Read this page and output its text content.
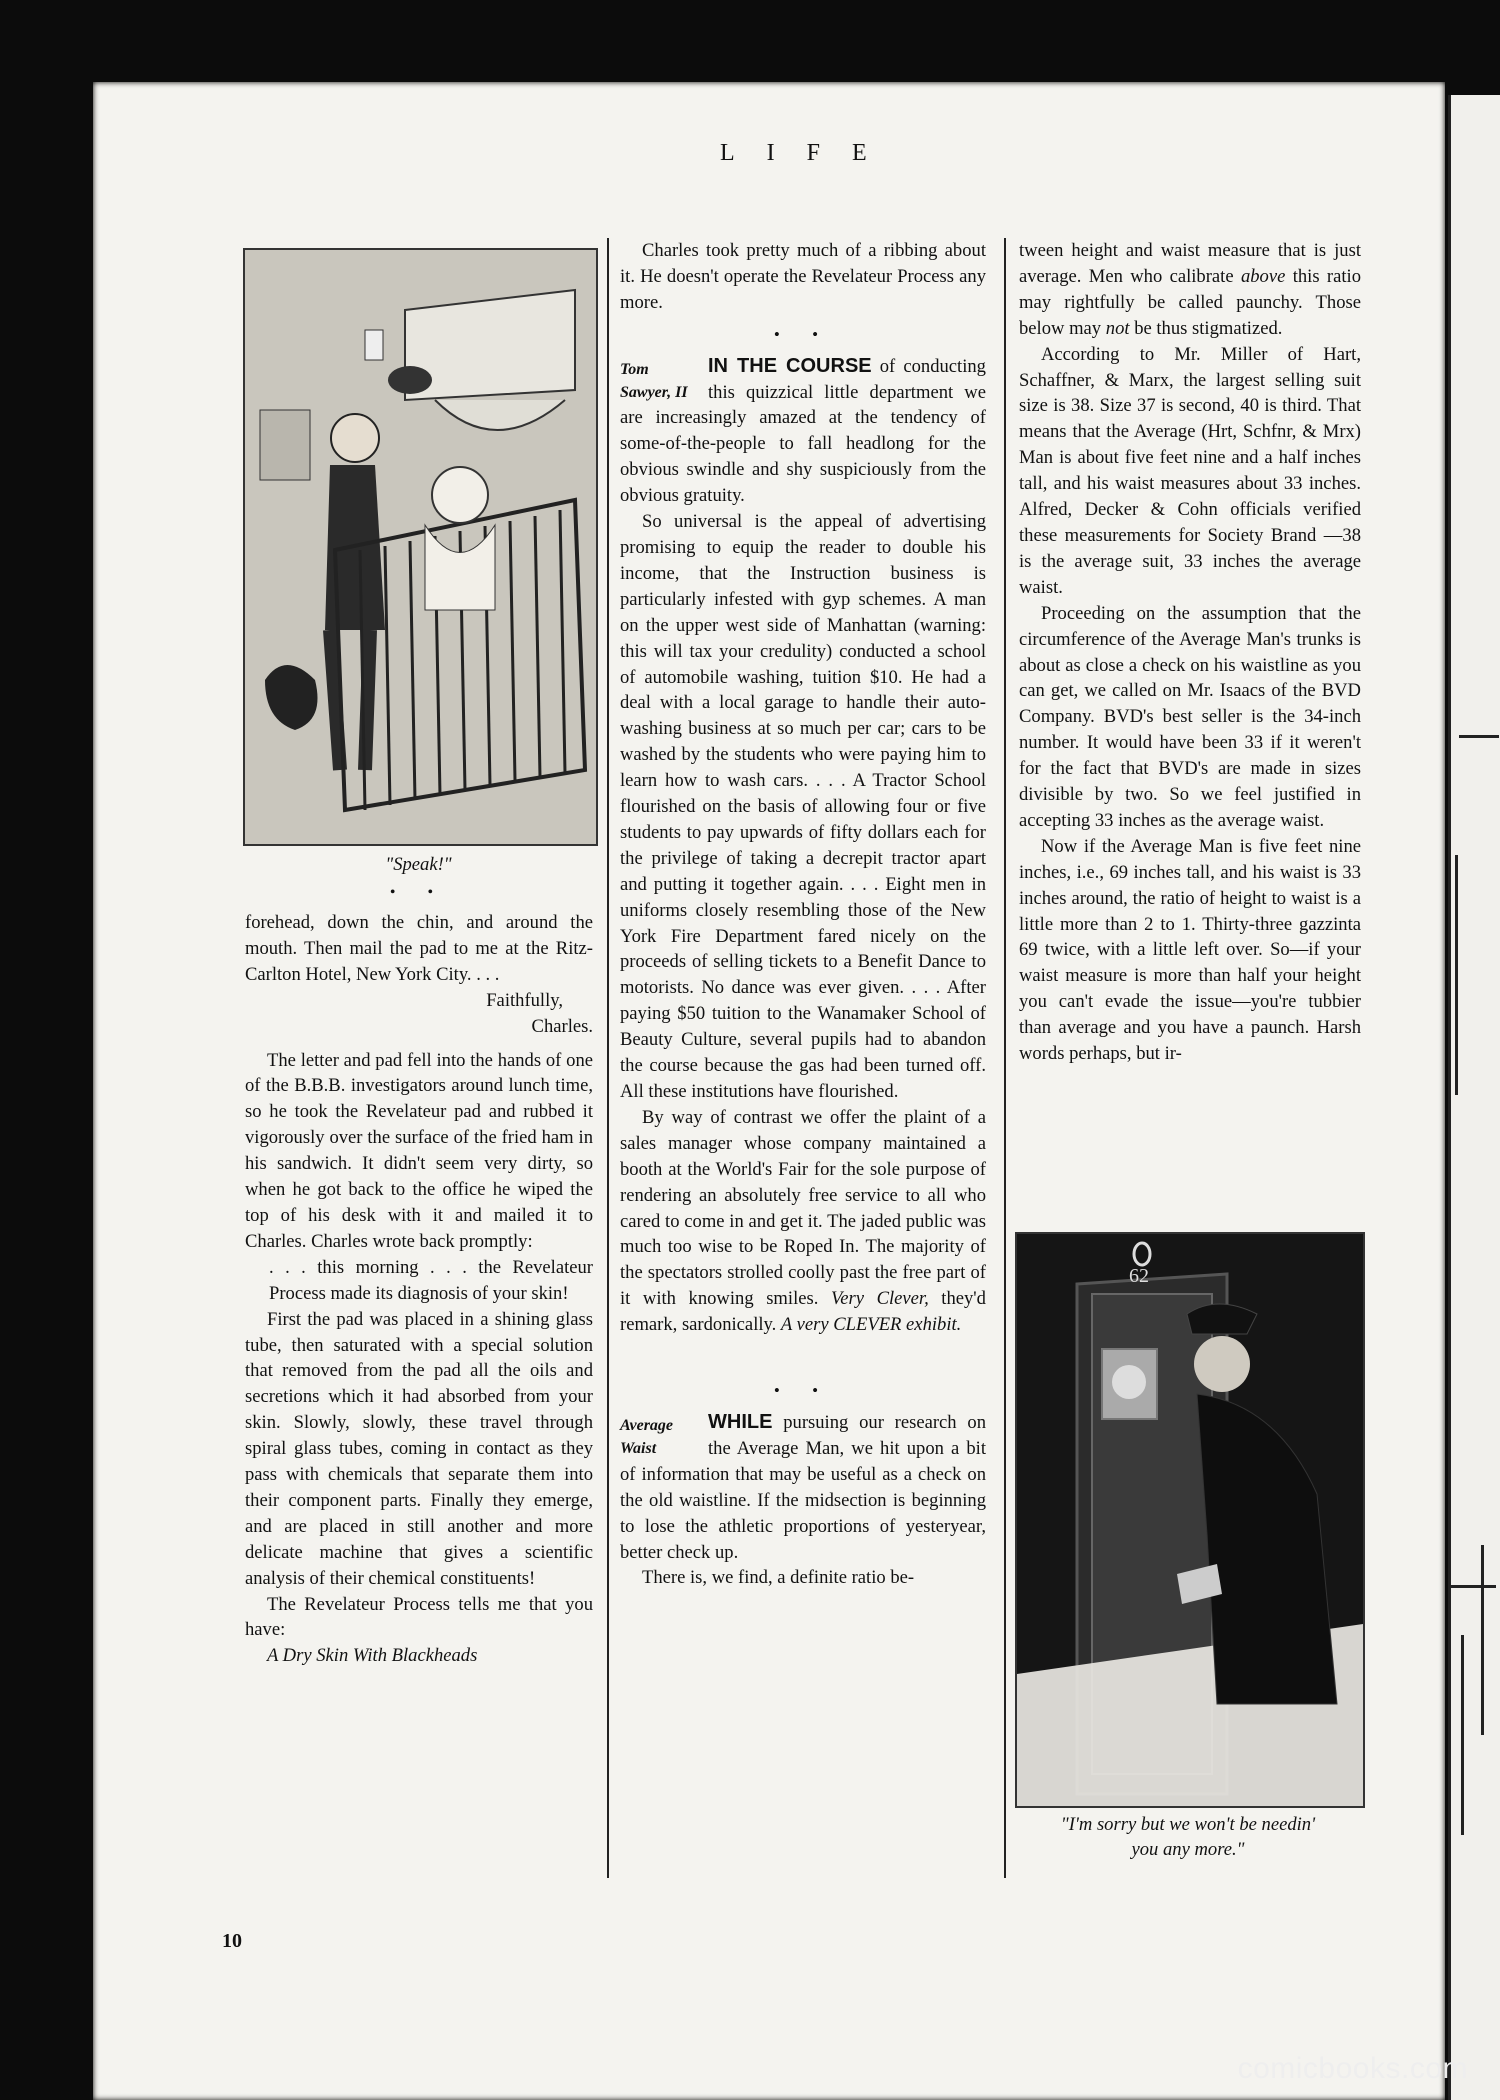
LIFE
"Speak!"
• •

forehead, down the chin, and around the mouth. Then mail the pad to me at the Ritz-Carlton Hotel, New York City. . . .

Faithfully,

Charles.

The letter and pad fell into the hands of one of the B.B.B. investigators around lunch time, so he took the Revelateur pad and rubbed it vigorously over the surface of the fried ham in his sandwich. It didn't seem very dirty, so when he got back to the office he wiped the top of his desk with it and mailed it to Charles. Charles wrote back promptly:

. . . this morning . . . the Revelateur Process made its diagnosis of your skin!

First the pad was placed in a shining glass tube, then saturated with a special solution that removed from the pad all the oils and secretions which it had absorbed from your skin. Slowly, slowly, these travel through spiral glass tubes, coming in contact as they pass with chemicals that separate them into their component parts. Finally they emerge, and are placed in still another and more delicate machine that gives a scientific analysis of their chemical constituents!

The Revelateur Process tells me that you have:

A Dry Skin With Blackheads

Charles took pretty much of a ribbing about it. He doesn't operate the Revelateur Process any more.

• •

Tom Sawyer, II
IN THE COURSE of conducting this quizzical little department we are increasingly amazed at the tendency of some-of-the-people to fall headlong for the obvious swindle and shy suspiciously from the obvious gratuity.

So universal is the appeal of advertising promising to equip the reader to double his income, that the Instruction business is particularly infested with gyp schemes. A man on the upper west side of Manhattan (warning: this will tax your credulity) conducted a school of automobile washing, tuition $10. He had a deal with a local garage to handle their auto-washing business at so much per car; cars to be washed by the students who were paying him to learn how to wash cars. . . . A Tractor School flourished on the basis of allowing four or five students to pay upwards of fifty dollars each for the privilege of taking a decrepit tractor apart and putting it together again. . . . Eight men in uniforms closely resembling those of the New York Fire Department fared nicely on the proceeds of selling tickets to a Benefit Dance to motorists. No dance was ever given. . . . After paying $50 tuition to the Wanamaker School of Beauty Culture, several pupils had to abandon the course because the gas had been turned off. All these institutions have flourished.

By way of contrast we offer the plaint of a sales manager whose company maintained a booth at the World's Fair for the sole purpose of rendering an absolutely free service to all who cared to come in and get it. The jaded public was much too wise to be Roped In. The majority of the spectators strolled coolly past the free part of it with knowing smiles. Very Clever, they'd remark, sardonically. A very CLEVER exhibit.

• •

Average Waist
WHILE pursuing our research on the Average Man, we hit upon a bit of information that may be useful as a check on the old waistline. If the midsection is beginning to lose the athletic proportions of yesteryear, better check up.

There is, we find, a definite ratio be-

tween height and waist measure that is just average. Men who calibrate above this ratio may rightfully be called paunchy. Those below may not be thus stigmatized.

According to Mr. Miller of Hart, Schaffner, & Marx, the largest selling suit size is 38. Size 37 is second, 40 is third. That means that the Average (Hrt, Schfnr, & Mrx) Man is about five feet nine and a half inches tall, and his waist measures about 33 inches. Alfred, Decker & Cohn officials verified these measurements for Society Brand —38 is the average suit, 33 inches the average waist.

Proceeding on the assumption that the circumference of the Average Man's trunks is about as close a check on his waistline as you can get, we called on Mr. Isaacs of the BVD Company. BVD's best seller is the 34-inch number. It would have been 33 if it weren't for the fact that BVD's are made in sizes divisible by two. So we feel justified in accepting 33 inches as the average waist.

Now if the Average Man is five feet nine inches, i.e., 69 inches tall, and his waist is 33 inches around, the ratio of height to waist is a little more than 2 to 1. Thirty-three gazzinta 69 twice, with a little left over. So—if your waist measure is more than half your height you can't evade the issue—you're tubbier than average and you have a paunch. Harsh words perhaps, but ir-

62
"I'm sorry but we won't be needin'
you any more."
10
comicbooks.com
